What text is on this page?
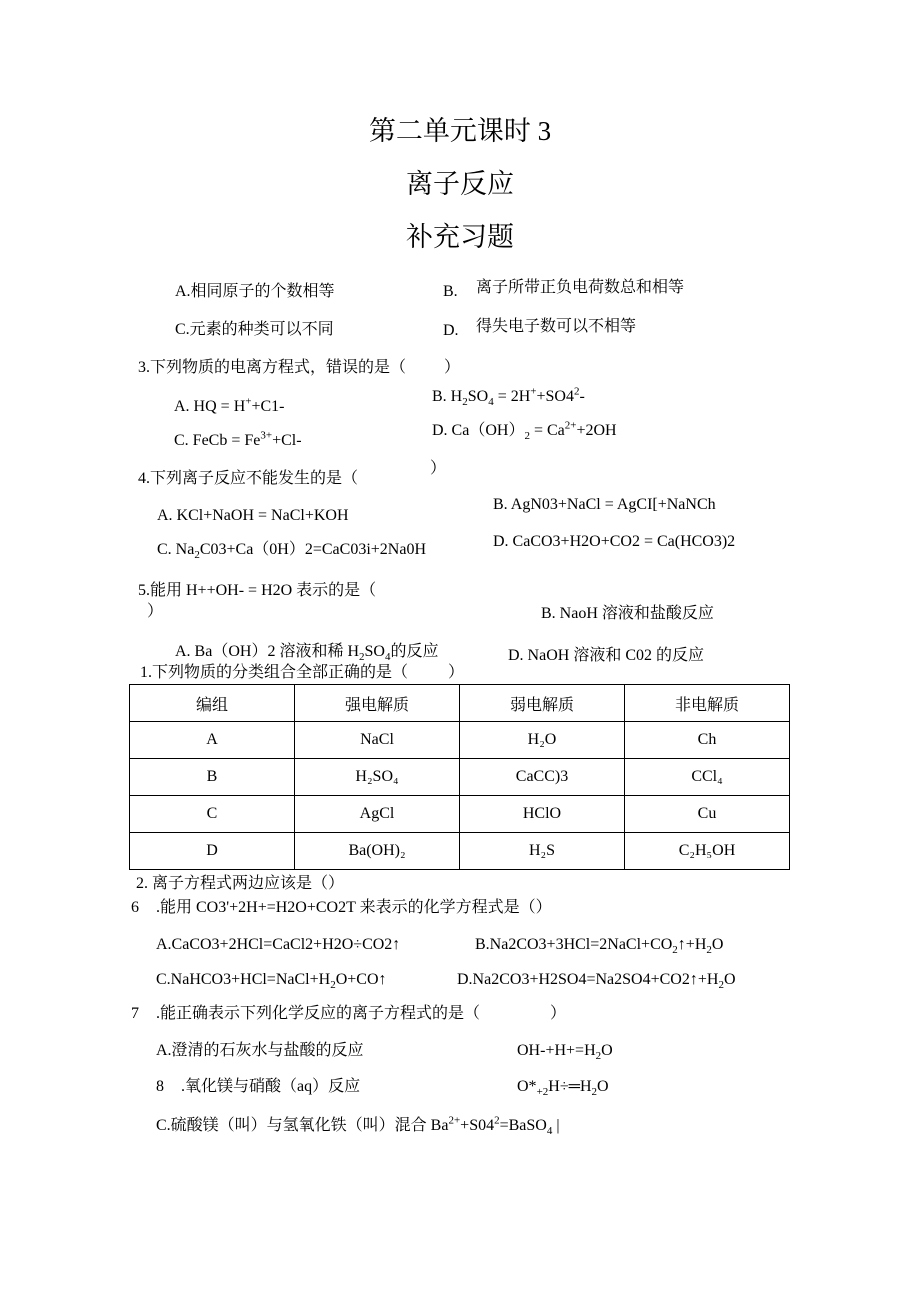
第二单元课时 3
离子反应
补充习题
A.相同原子的个数相等	B. 离子所带正负电荷数总和相等
C.元素的种类可以不同	D. 得失电子数可以不相等
3.下列物质的电离方程式，错误的是（ ）
B. $H_2SO_4 = 2H^++SO4^2-$
A. HQ = H++C1-
D. $Ca(OH)_2 = Ca^{2+}+2OH$
C. FeCb = $Fe^{3+}+Cl-$
）
4.下列离子反应不能发生的是（
B. AgN03+NaCl = AgCI[+NaNCh
A. KCl+NaOH = NaCl+KOH
D. CaCO3+H2O+CO2 = Ca(HCO3)2
C. $Na_2C03+Ca(0H)2=CaC03i+2Na0H$
5.能用 H++OH- = H2O 表示的是（
）	B. NaoH 溶液和盐酸反应
A. Ba（OH）2 溶液和稀 $H_2SO_4$的反应	D. NaOH 溶液和 C02 的反应
1.下列物质的分类组合全部正确的是（	）
编组	强电解质	弱电解质	非电解质
A	NaCl	H₂O	Ch
B	H₂SO₄	CaCC)3	CCl₄
C	AgCl	HClO	Cu
D	Ba(OH)₂	H₂S	C₂H₅OH
2. 离子方程式两边应该是（）
6 .能用 CO3'+2H+=H2O+CO2T 来表示的化学方程式是（）
A.CaCO3+2HCl=CaCl2+H2O÷CO2↑	$B.Na2CO3+3HCl=2NaCl+CO_2↑+H_2O$
$C.NaHCO3+HCl=NaCl+H_2O+CO↑$	$D.Na2CO3+H2SO4=Na2SO4+CO2↑+H_2O$
7 .能正确表示下列化学反应的离子方程式的是（	）
A.澄清的石灰水与盐酸的反应	$OH-+H+=H_2O$
8 .氧化镁与硝酸（aq）反应	$O*_{+2}H\div═H_2O$
C.硫酸镁（叫）与氢氧化铁（叫）混合 $Ba^{2+}+S04^2=BaSO_4$ |
